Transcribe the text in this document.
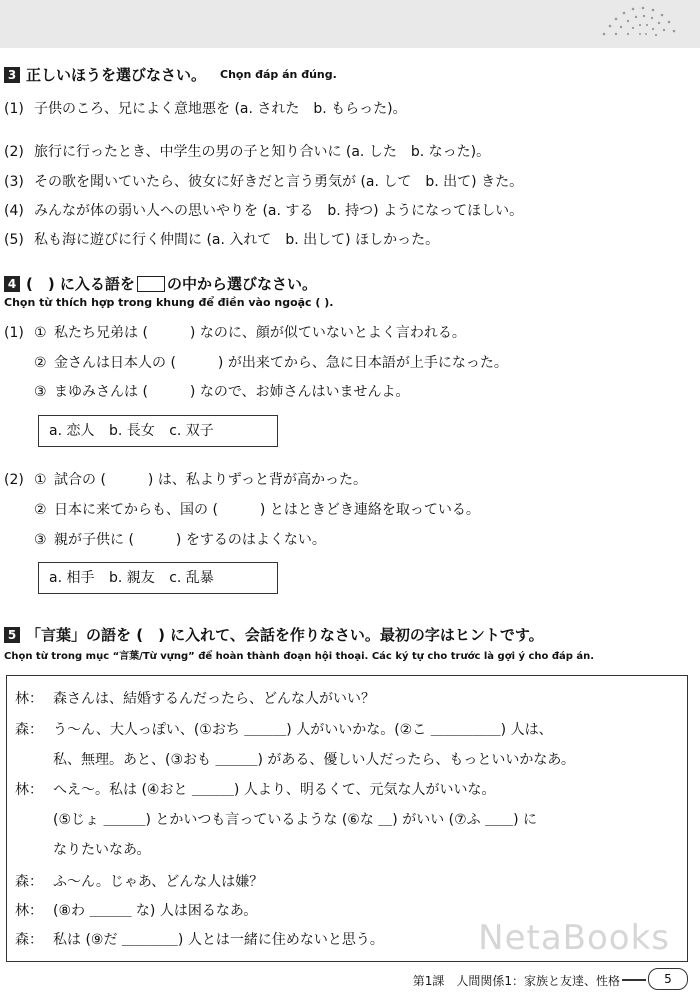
3 正しいほうを選びなさい。 Chọn đáp án đúng.
(1) 子供のころ、兄によく意地悪を (a. された　b. もらった)。
(2) 旅行に行ったとき、中学生の男の子と知り合いに (a. した　b. なった)。
(3) その歌を聞いていたら、彼女に好きだと言う勇気が (a. して　b. 出て) きた。
(4) みんなが体の弱い人への思いやりを (a. する　b. 持つ) ようになってほしい。
(5) 私も海に遊びに行く仲間に (a. 入れて　b. 出して) ほしかった。
4 (　) に入る語を の中から選びなさい。
Chọn từ thích hợp trong khung để điền vào ngoặc ( ).
(1) ① 私たち兄弟は (　　　) なのに、顔が似ていないとよく言われる。
② 金さんは日本人の (　　　) が出来てから、急に日本語が上手になった。
③ まゆみさんは (　　　) なので、お姉さんはいませんよ。
a. 恋人 b. 長女 c. 双子
(2) ① 試合の (　　　) は、私よりずっと背が高かった。
② 日本に来てからも、国の (　　　) とはときどき連絡を取っている。
③ 親が子供に (　　　) をするのはよくない。
a. 相手 b. 親友 c. 乱暴
5 「言葉」の語を (　) に入れて、会話を作りなさい。最初の字はヒントです。
Chọn từ trong mục “言葉/Từ vựng” để hoàn thành đoạn hội thoại. Các ký tự cho trước là gợi ý cho đáp án.
林： 森さんは、結婚するんだったら、どんな人がいい？
森： う～ん、大人っぽい、(①おち ＿＿＿) 人がいいかな。(②こ ＿＿＿＿＿) 人は、
私、無理。あと、(③おも ＿＿＿) がある、優しい人だったら、もっといいかなあ。
林： へえ～。私は (④おと ＿＿＿) 人より、明るくて、元気な人がいいな。
(⑤じょ ＿＿＿) とかいつも言っているような (⑥な ＿) がいい (⑦ふ ＿＿) に
なりたいなあ。
森： ふ～ん。じゃあ、どんな人は嫌？
林： (⑧わ ＿＿＿ な) 人は困るなあ。
森： 私は (⑨だ ＿＿＿＿) 人とは一緒に住めないと思う。	NetaBooks
第1課　人間関係1：家族と友達、性格	5
